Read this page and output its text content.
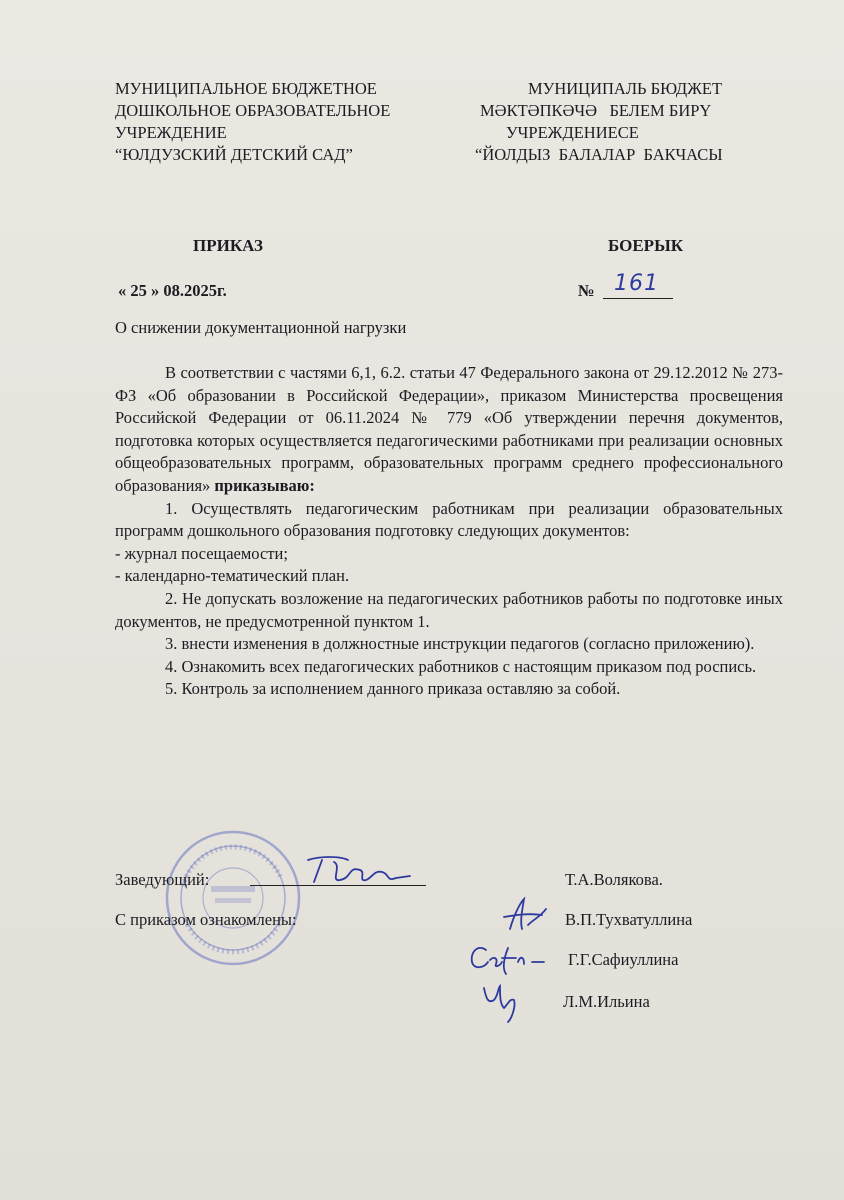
МУНИЦИПАЛЬНОЕ БЮДЖЕТНОЕ
ДОШКОЛЬНОЕ ОБРАЗОВАТЕЛЬНОЕ
УЧРЕЖДЕНИЕ
“ЮЛДУЗСКИЙ ДЕТСКИЙ САД”
МУНИЦИПАЛЬ БЮДЖЕТ
МӘКТӘПКӘЧӘ   БЕЛЕМ БИРҮ
УЧРЕЖДЕНИЕСЕ
“ЙОЛДЫЗ  БАЛАЛАР  БАКЧАСЫ
ПРИКАЗ	БОЕРЫК
« 25 » 08.2025г.	№ 161
О снижении документационной нагрузки

В соответствии с частями 6,1, 6.2. статьи 47 Федерального закона от 29.12.2012 № 273-ФЗ «Об образовании в Российской Федерации», приказом Министерства просвещения Российской Федерации от 06.11.2024 № 779 «Об утверждении перечня документов, подготовка которых осуществляется педагогическими работниками при реализации основных общеобразовательных программ, образовательных программ среднего профессионального образования» приказываю:

1. Осуществлять педагогическим работникам при реализации образовательных программ дошкольного образования подготовку следующих документов:

- журнал посещаемости;

- календарно-тематический план.

2. Не допускать возложение на педагогических работников работы по подготовке иных документов, не предусмотренной пунктом 1.

3. внести изменения в должностные инструкции педагогов (согласно приложению).

4. Ознакомить всех педагогических работников с настоящим приказом под роспись.

5. Контроль за исполнением данного приказа оставляю за собой.

Заведующий:	Т.А.Волякова.
С приказом ознакомлены:	В.П.Тухватуллина
Г.Г.Сафиуллина
Л.М.Ильина
